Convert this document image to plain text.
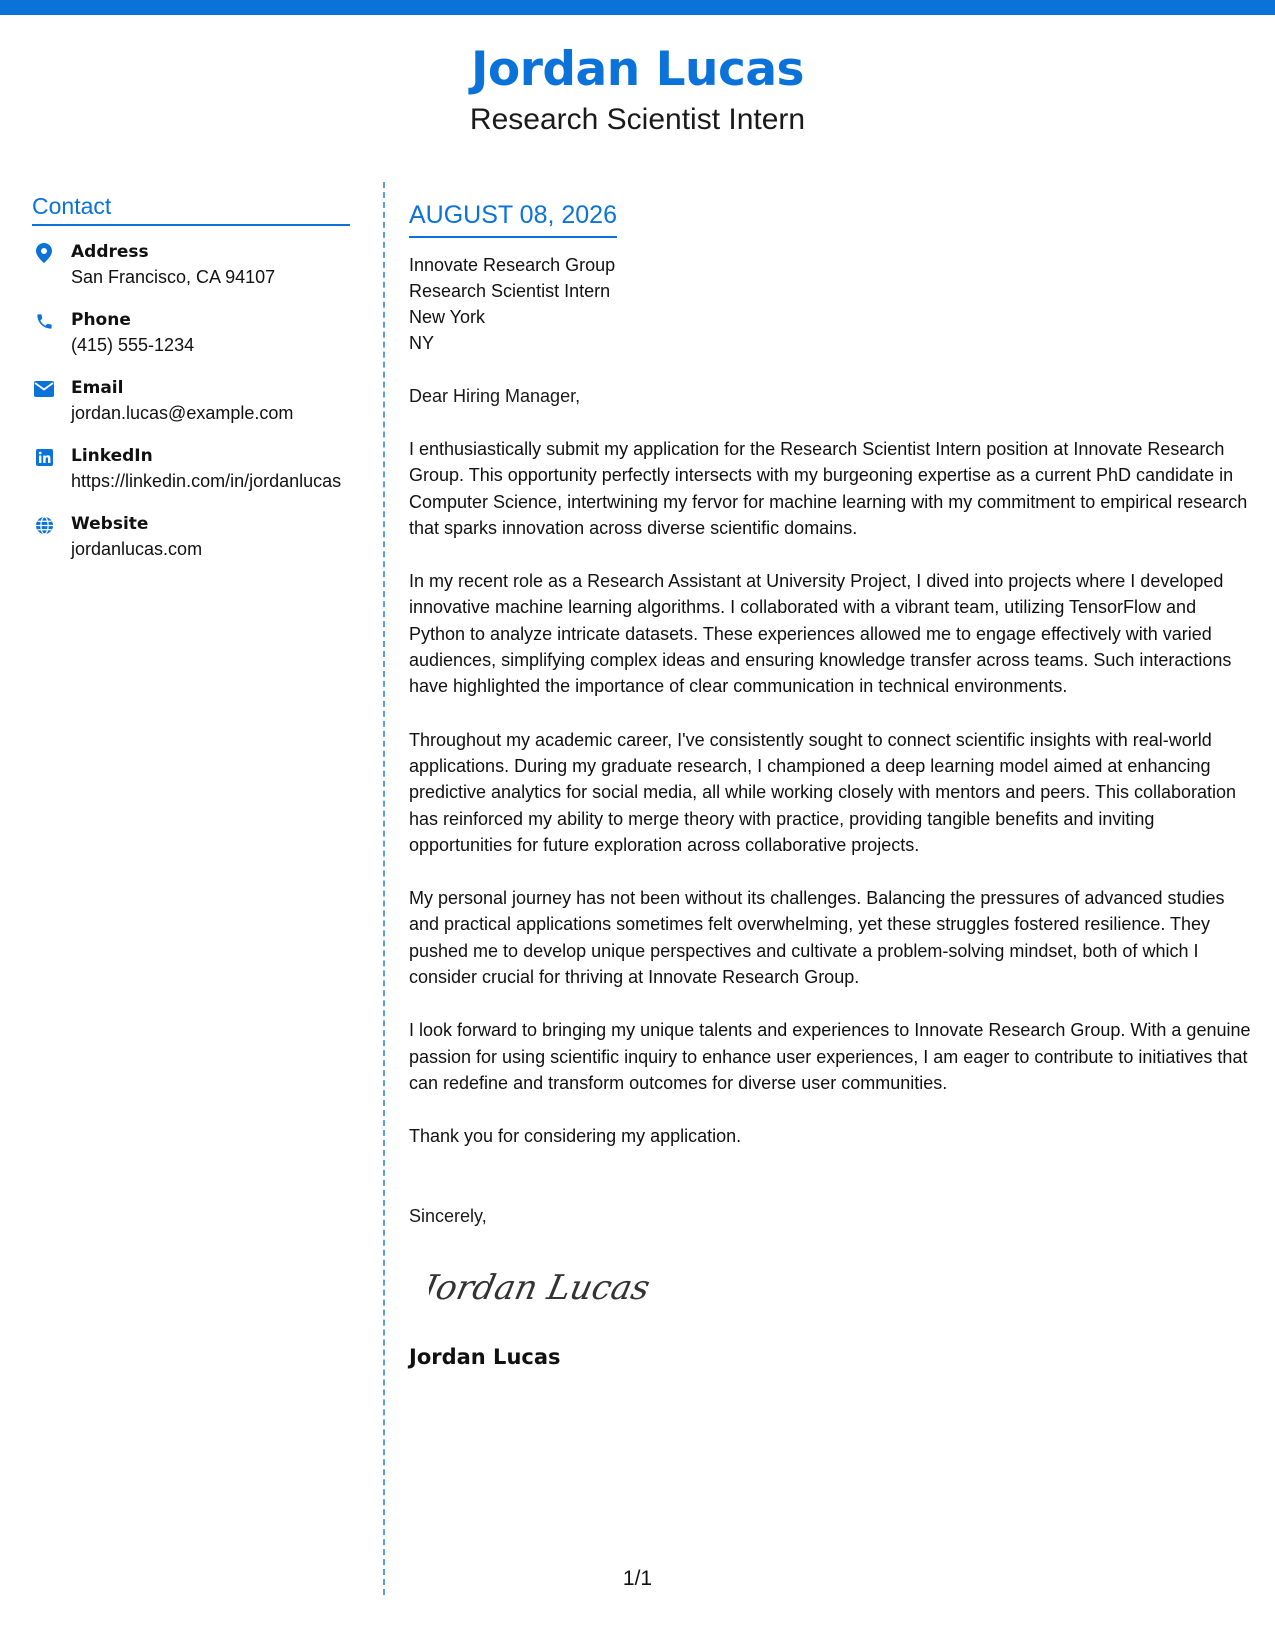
Jordan Lucas
Research Scientist Intern
Contact
Address
San Francisco, CA 94107
Phone
(415) 555-1234
Email
jordan.lucas@example.com
LinkedIn
https://linkedin.com/in/jordanlucas
Website
jordanlucas.com
AUGUST 08, 2026
Innovate Research Group
Research Scientist Intern
New York
NY
Dear Hiring Manager,

I enthusiastically submit my application for the Research Scientist Intern position at Innovate Research Group. This opportunity perfectly intersects with my burgeoning expertise as a current PhD candidate in Computer Science, intertwining my fervor for machine learning with my commitment to empirical research that sparks innovation across diverse scientific domains.

In my recent role as a Research Assistant at University Project, I dived into projects where I developed innovative machine learning algorithms. I collaborated with a vibrant team, utilizing TensorFlow and Python to analyze intricate datasets. These experiences allowed me to engage effectively with varied audiences, simplifying complex ideas and ensuring knowledge transfer across teams. Such interactions have highlighted the importance of clear communication in technical environments.

Throughout my academic career, I've consistently sought to connect scientific insights with real-world applications. During my graduate research, I championed a deep learning model aimed at enhancing predictive analytics for social media, all while working closely with mentors and peers. This collaboration has reinforced my ability to merge theory with practice, providing tangible benefits and inviting opportunities for future exploration across collaborative projects.

My personal journey has not been without its challenges. Balancing the pressures of advanced studies and practical applications sometimes felt overwhelming, yet these struggles fostered resilience. They pushed me to develop unique perspectives and cultivate a problem-solving mindset, both of which I consider crucial for thriving at Innovate Research Group.

I look forward to bringing my unique talents and experiences to Innovate Research Group. With a genuine passion for using scientific inquiry to enhance user experiences, I am eager to contribute to initiatives that can redefine and transform outcomes for diverse user communities.

Thank you for considering my application.

Sincerely,
Jordan Lucas
Jordan Lucas
1/1
